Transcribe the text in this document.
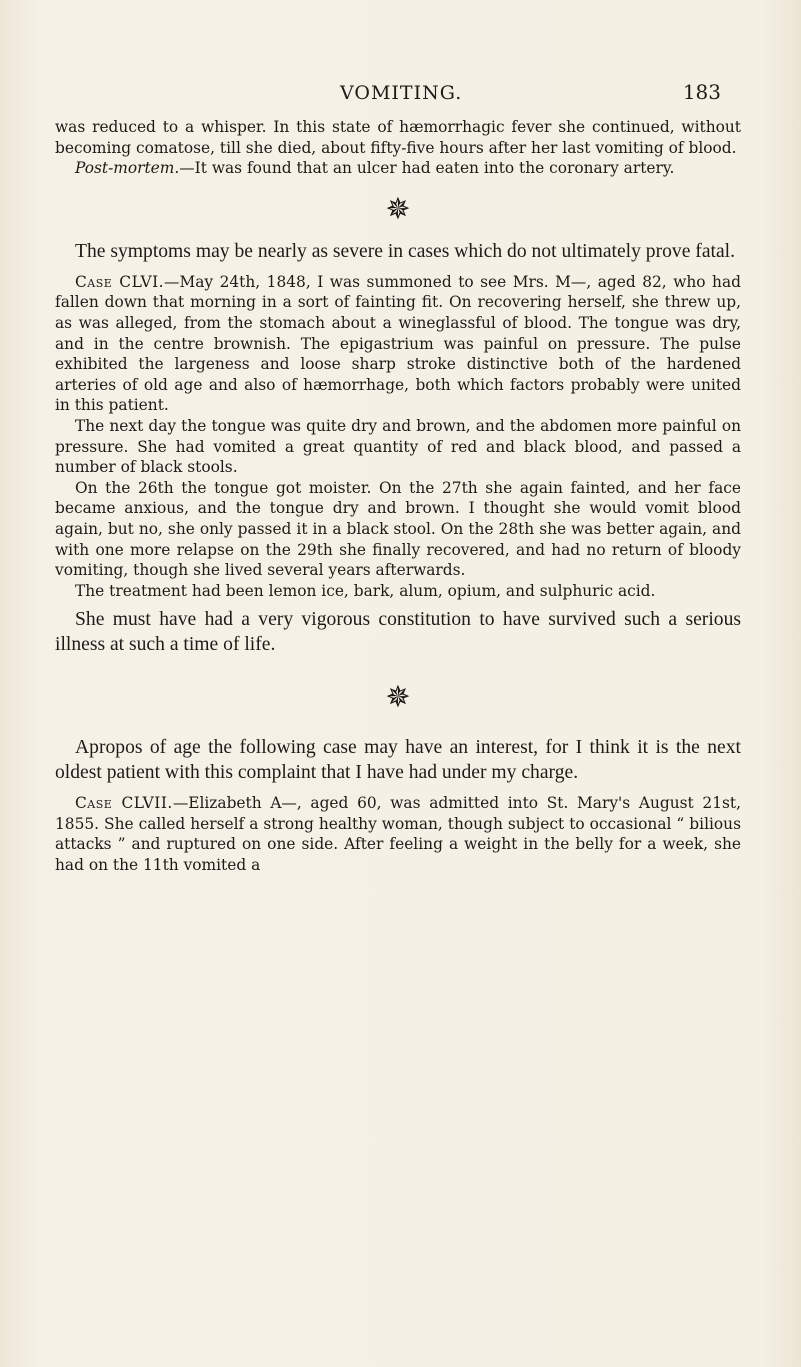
VOMITING.	183

was reduced to a whisper. In this state of hæmorrhagic fever she continued, without becoming comatose, till she died, about fifty-five hours after her last vomiting of blood.

Post-mortem.—It was found that an ulcer had eaten into the coronary artery.

✵

The symptoms may be nearly as severe in cases which do not ultimately prove fatal.

Case CLVI.—May 24th, 1848, I was summoned to see Mrs. M—, aged 82, who had fallen down that morning in a sort of fainting fit. On recovering herself, she threw up, as was alleged, from the stomach about a wineglassful of blood. The tongue was dry, and in the centre brownish. The epigastrium was painful on pressure. The pulse exhibited the largeness and loose sharp stroke distinctive both of the hardened arteries of old age and also of hæmorrhage, both which factors probably were united in this patient.

The next day the tongue was quite dry and brown, and the abdomen more painful on pressure. She had vomited a great quantity of red and black blood, and passed a number of black stools.

On the 26th the tongue got moister. On the 27th she again fainted, and her face became anxious, and the tongue dry and brown. I thought she would vomit blood again, but no, she only passed it in a black stool. On the 28th she was better again, and with one more relapse on the 29th she finally recovered, and had no return of bloody vomiting, though she lived several years afterwards.

The treatment had been lemon ice, bark, alum, opium, and sulphuric acid.

She must have had a very vigorous constitution to have survived such a serious illness at such a time of life.

✵

Apropos of age the following case may have an interest, for I think it is the next oldest patient with this complaint that I have had under my charge.

Case CLVII.—Elizabeth A—, aged 60, was admitted into St. Mary's August 21st, 1855. She called herself a strong healthy woman, though subject to occasional “ bilious attacks ” and ruptured on one side. After feeling a weight in the belly for a week, she had on the 11th vomited a
